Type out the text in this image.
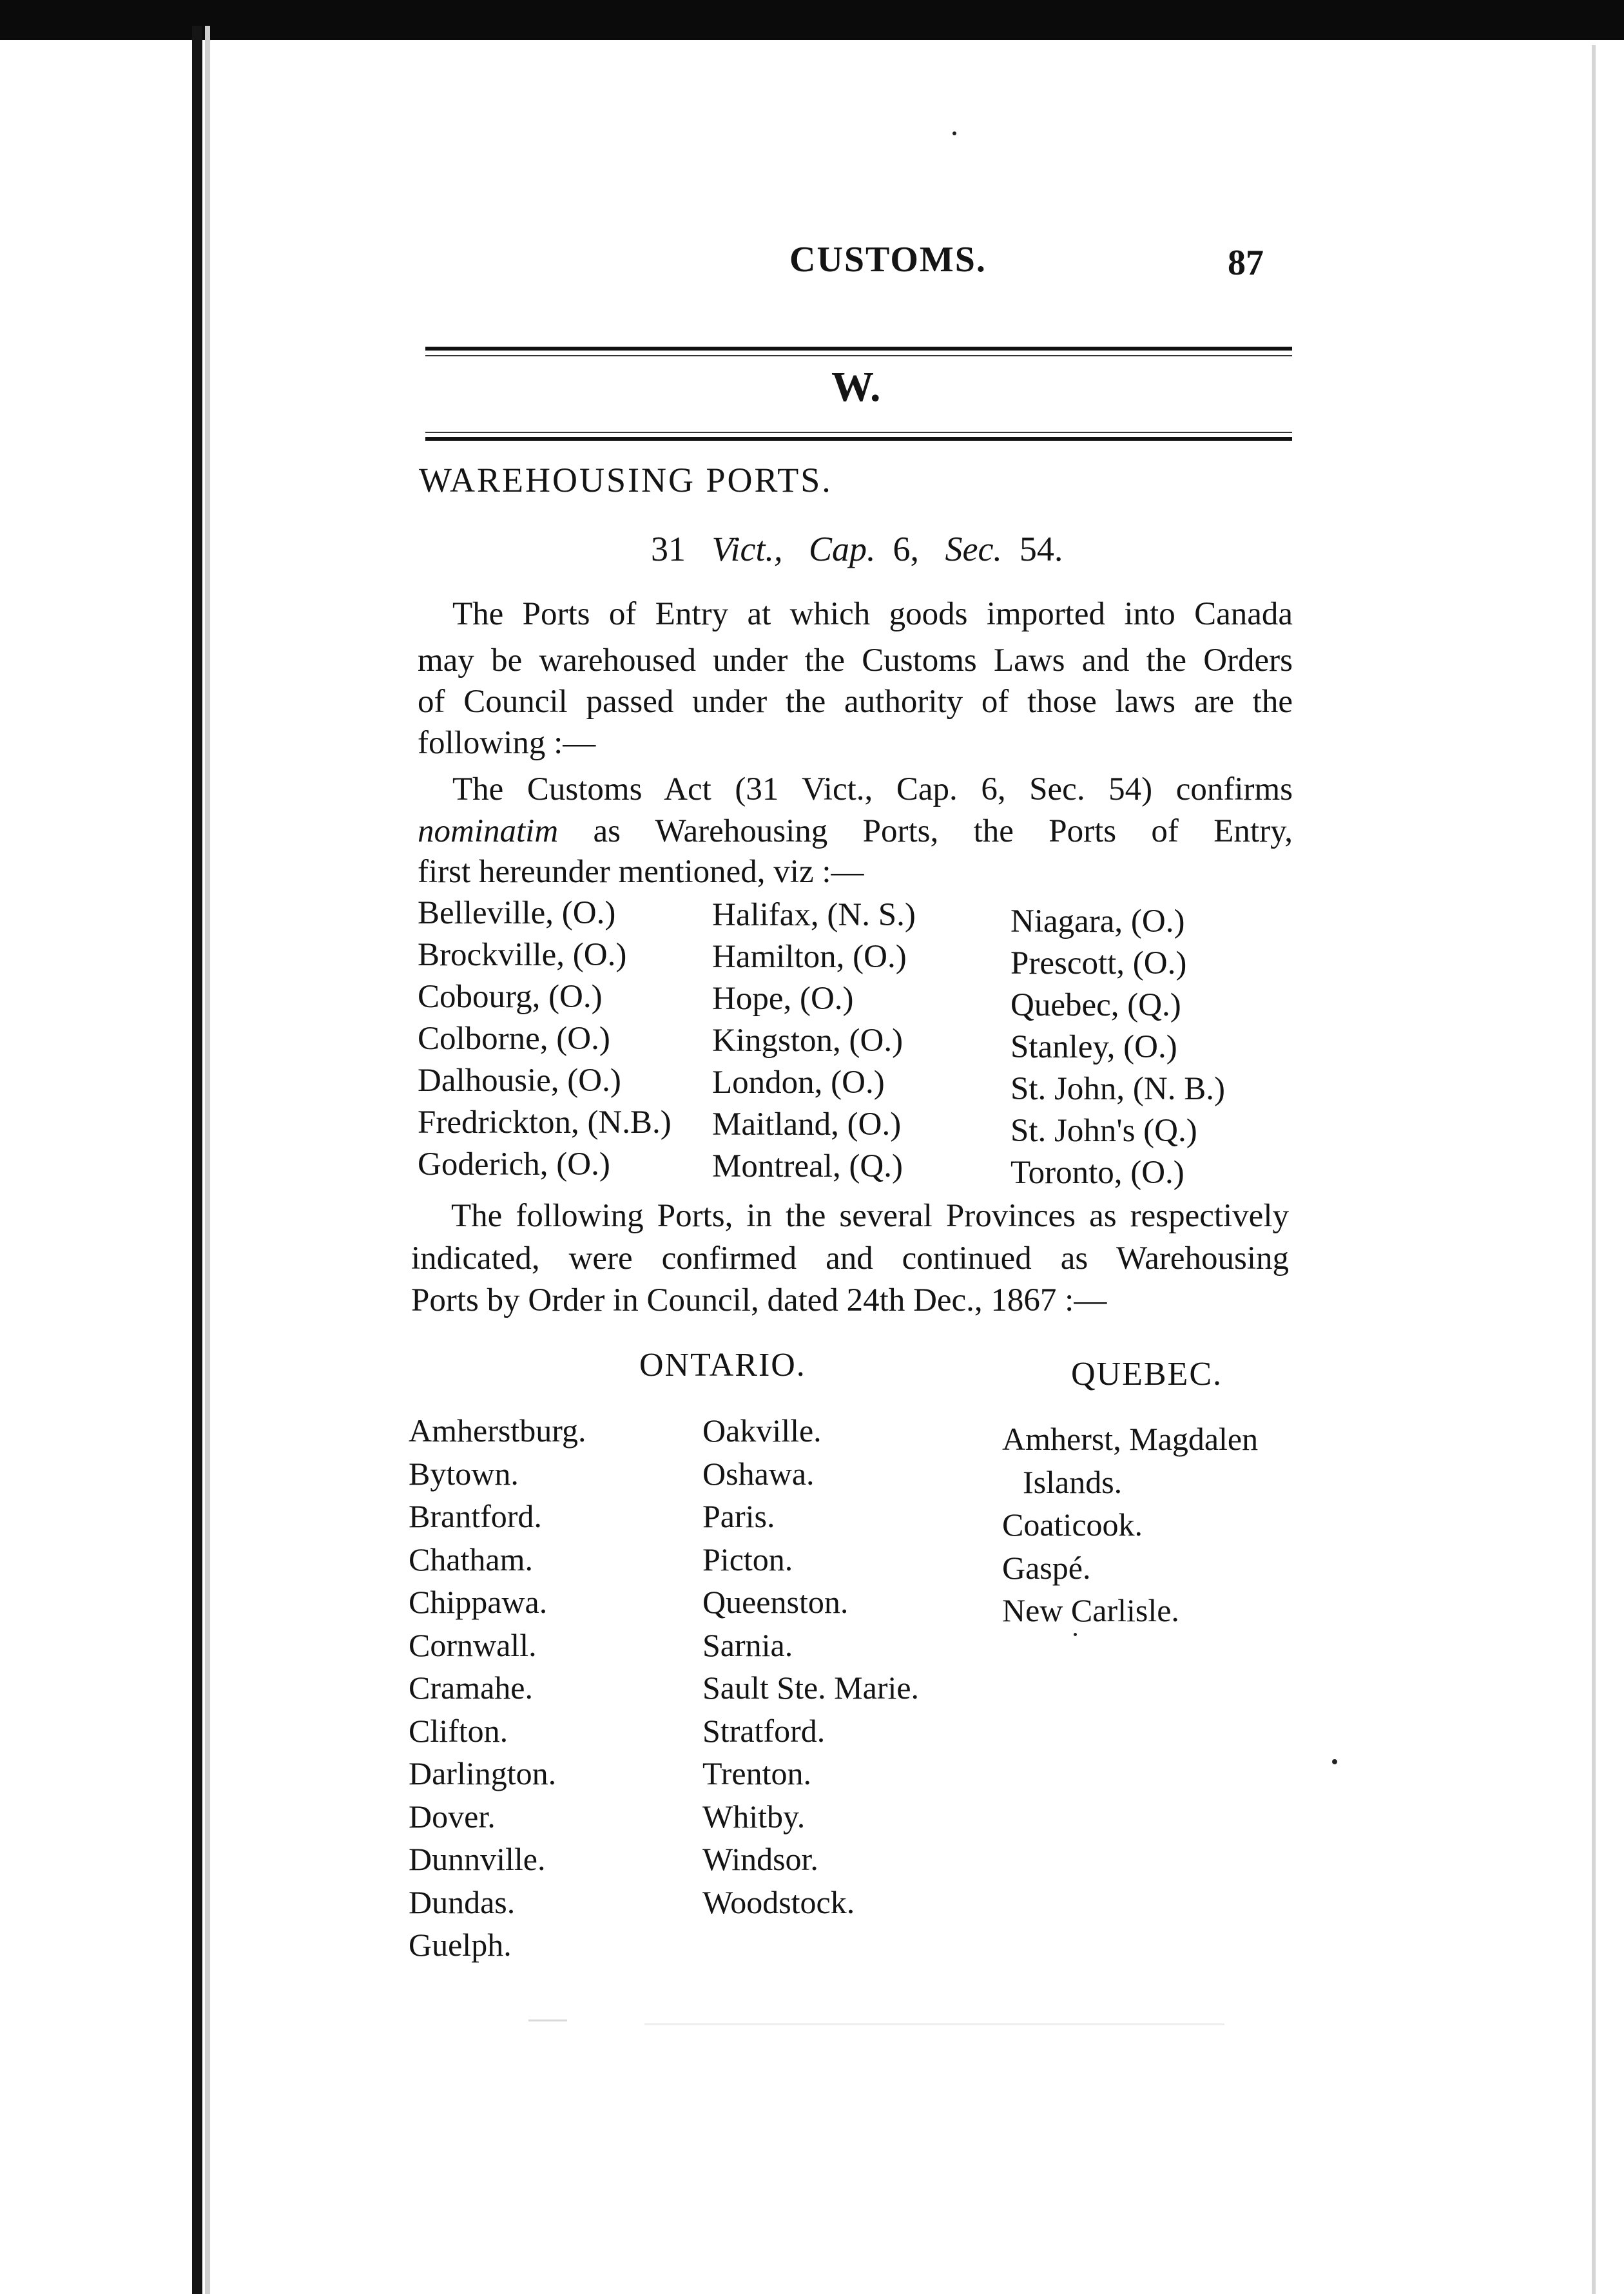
CUSTOMS.	87
W.
WAREHOUSING PORTS.
31 Vict., Cap. 6, Sec. 54.
The Ports of Entry at which goods imported into Canada
may be warehoused under the Customs Laws and the Orders
of Council passed under the authority of those laws are the
following :—
The Customs Act (31 Vict., Cap. 6, Sec. 54) confirms
nominatim as Warehousing Ports, the Ports of Entry,
first hereunder mentioned, viz :—
Belleville, (O.)
Brockville, (O.)
Cobourg, (O.)
Colborne, (O.)
Dalhousie, (O.)
Fredrickton, (N.B.)
Goderich, (O.)
Halifax, (N. S.)
Hamilton, (O.)
Hope, (O.)
Kingston, (O.)
London, (O.)
Maitland, (O.)
Montreal, (Q.)
Niagara, (O.)
Prescott, (O.)
Quebec, (Q.)
Stanley, (O.)
St. John, (N. B.)
St. John's (Q.)
Toronto, (O.)
The following Ports, in the several Provinces as respectively
indicated, were confirmed and continued as Warehousing
Ports by Order in Council, dated 24th Dec., 1867 :—
ONTARIO.	QUEBEC.
Amherstburg.
Bytown.
Brantford.
Chatham.
Chippawa.
Cornwall.
Cramahe.
Clifton.
Darlington.
Dover.
Dunnville.
Dundas.
Guelph.
Oakville.
Oshawa.
Paris.
Picton.
Queenston.
Sarnia.
Sault Ste. Marie.
Stratford.
Trenton.
Whitby.
Windsor.
Woodstock.
Amherst, Magdalen
Islands.
Coaticook.
Gaspé.
New Carlisle.
